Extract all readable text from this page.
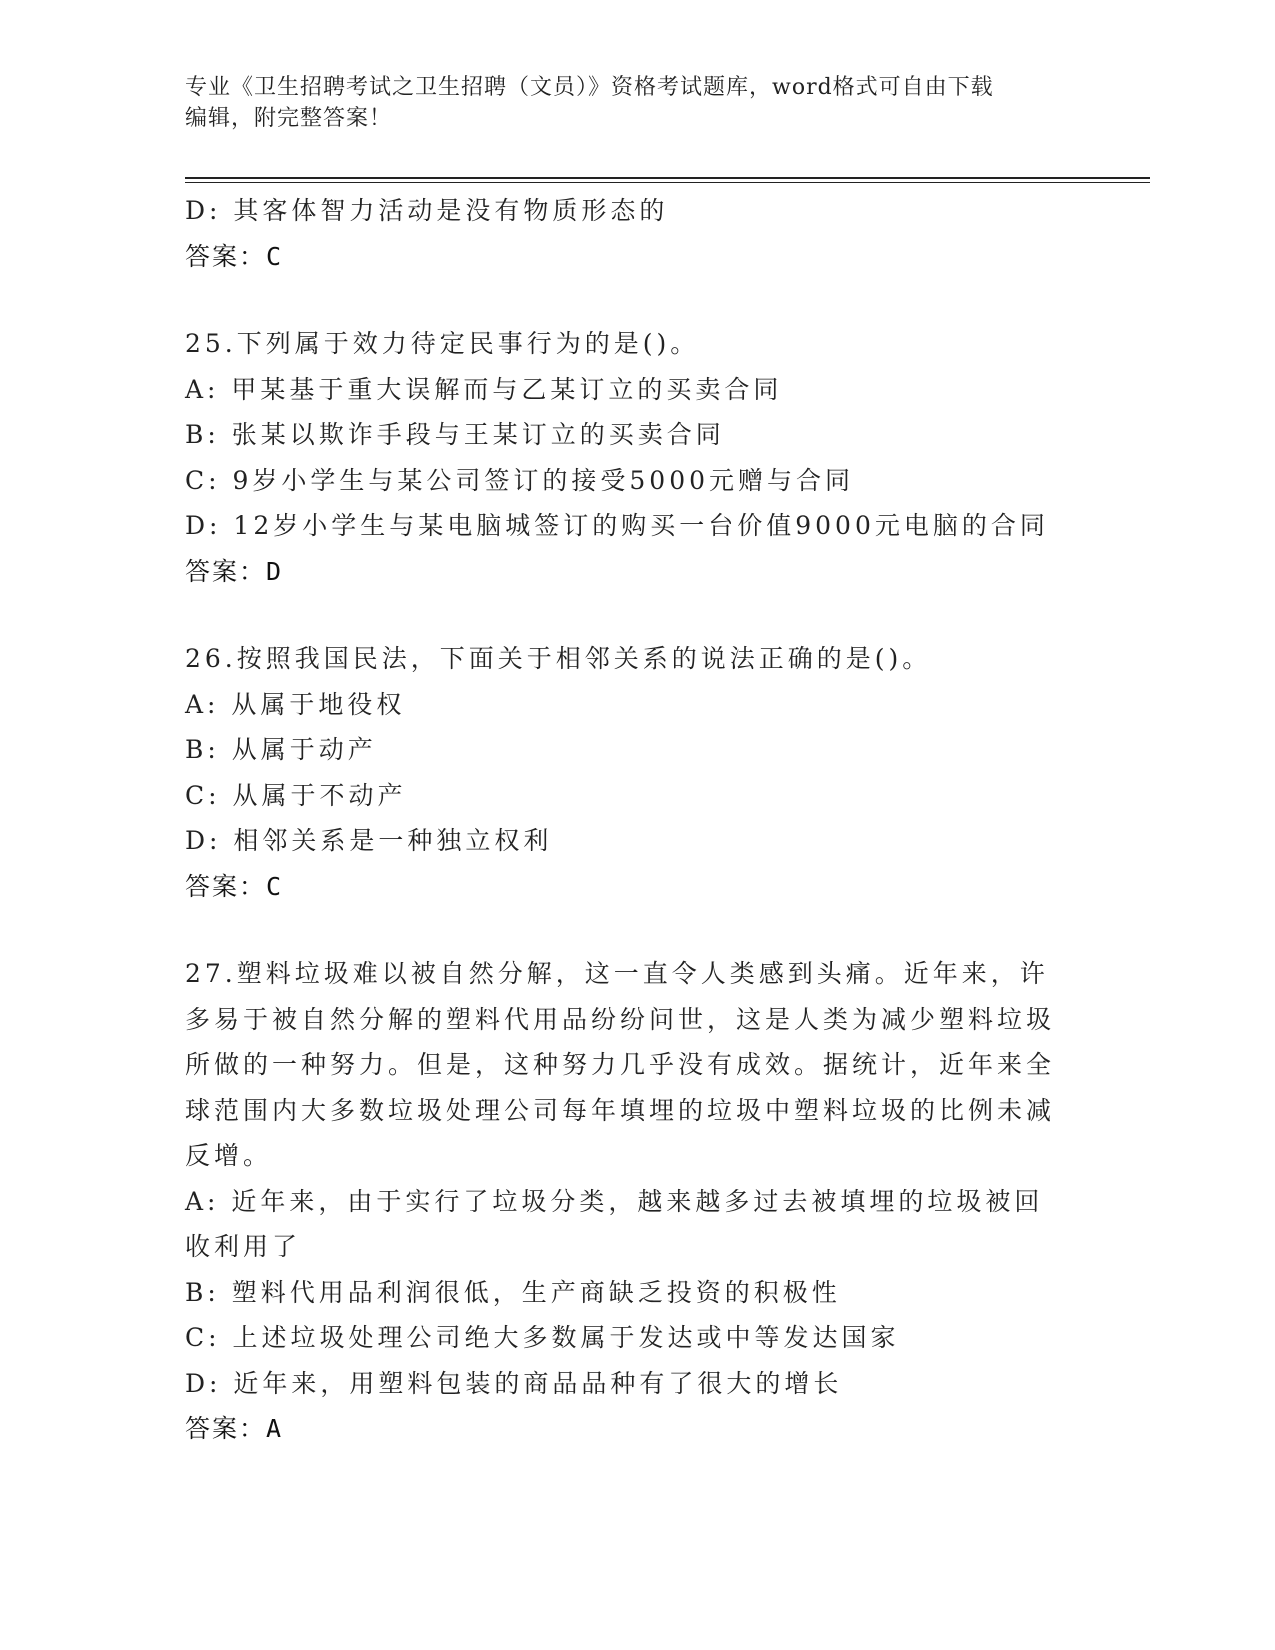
专业《卫生招聘考试之卫生招聘（文员）》资格考试题库，word格式可自由下载
编辑，附完整答案！
D: 其客体智力活动是没有物质形态的
答案：C
25.下列属于效力待定民事行为的是()。
A: 甲某基于重大误解而与乙某订立的买卖合同
B: 张某以欺诈手段与王某订立的买卖合同
C: 9岁小学生与某公司签订的接受5000元赠与合同
D: 12岁小学生与某电脑城签订的购买一台价值9000元电脑的合同
答案：D
26.按照我国民法，下面关于相邻关系的说法正确的是()。
A: 从属于地役权
B: 从属于动产
C: 从属于不动产
D: 相邻关系是一种独立权利
答案：C
27.塑料垃圾难以被自然分解，这一直令人类感到头痛。近年来，许多易于被自然分解的塑料代用品纷纷问世，这是人类为减少塑料垃圾所做的一种努力。但是，这种努力几乎没有成效。据统计，近年来全球范围内大多数垃圾处理公司每年填埋的垃圾中塑料垃圾的比例未减反增。
A: 近年来，由于实行了垃圾分类，越来越多过去被填埋的垃圾被回收利用了
B: 塑料代用品利润很低，生产商缺乏投资的积极性
C: 上述垃圾处理公司绝大多数属于发达或中等发达国家
D: 近年来，用塑料包装的商品品种有了很大的增长
答案：A
